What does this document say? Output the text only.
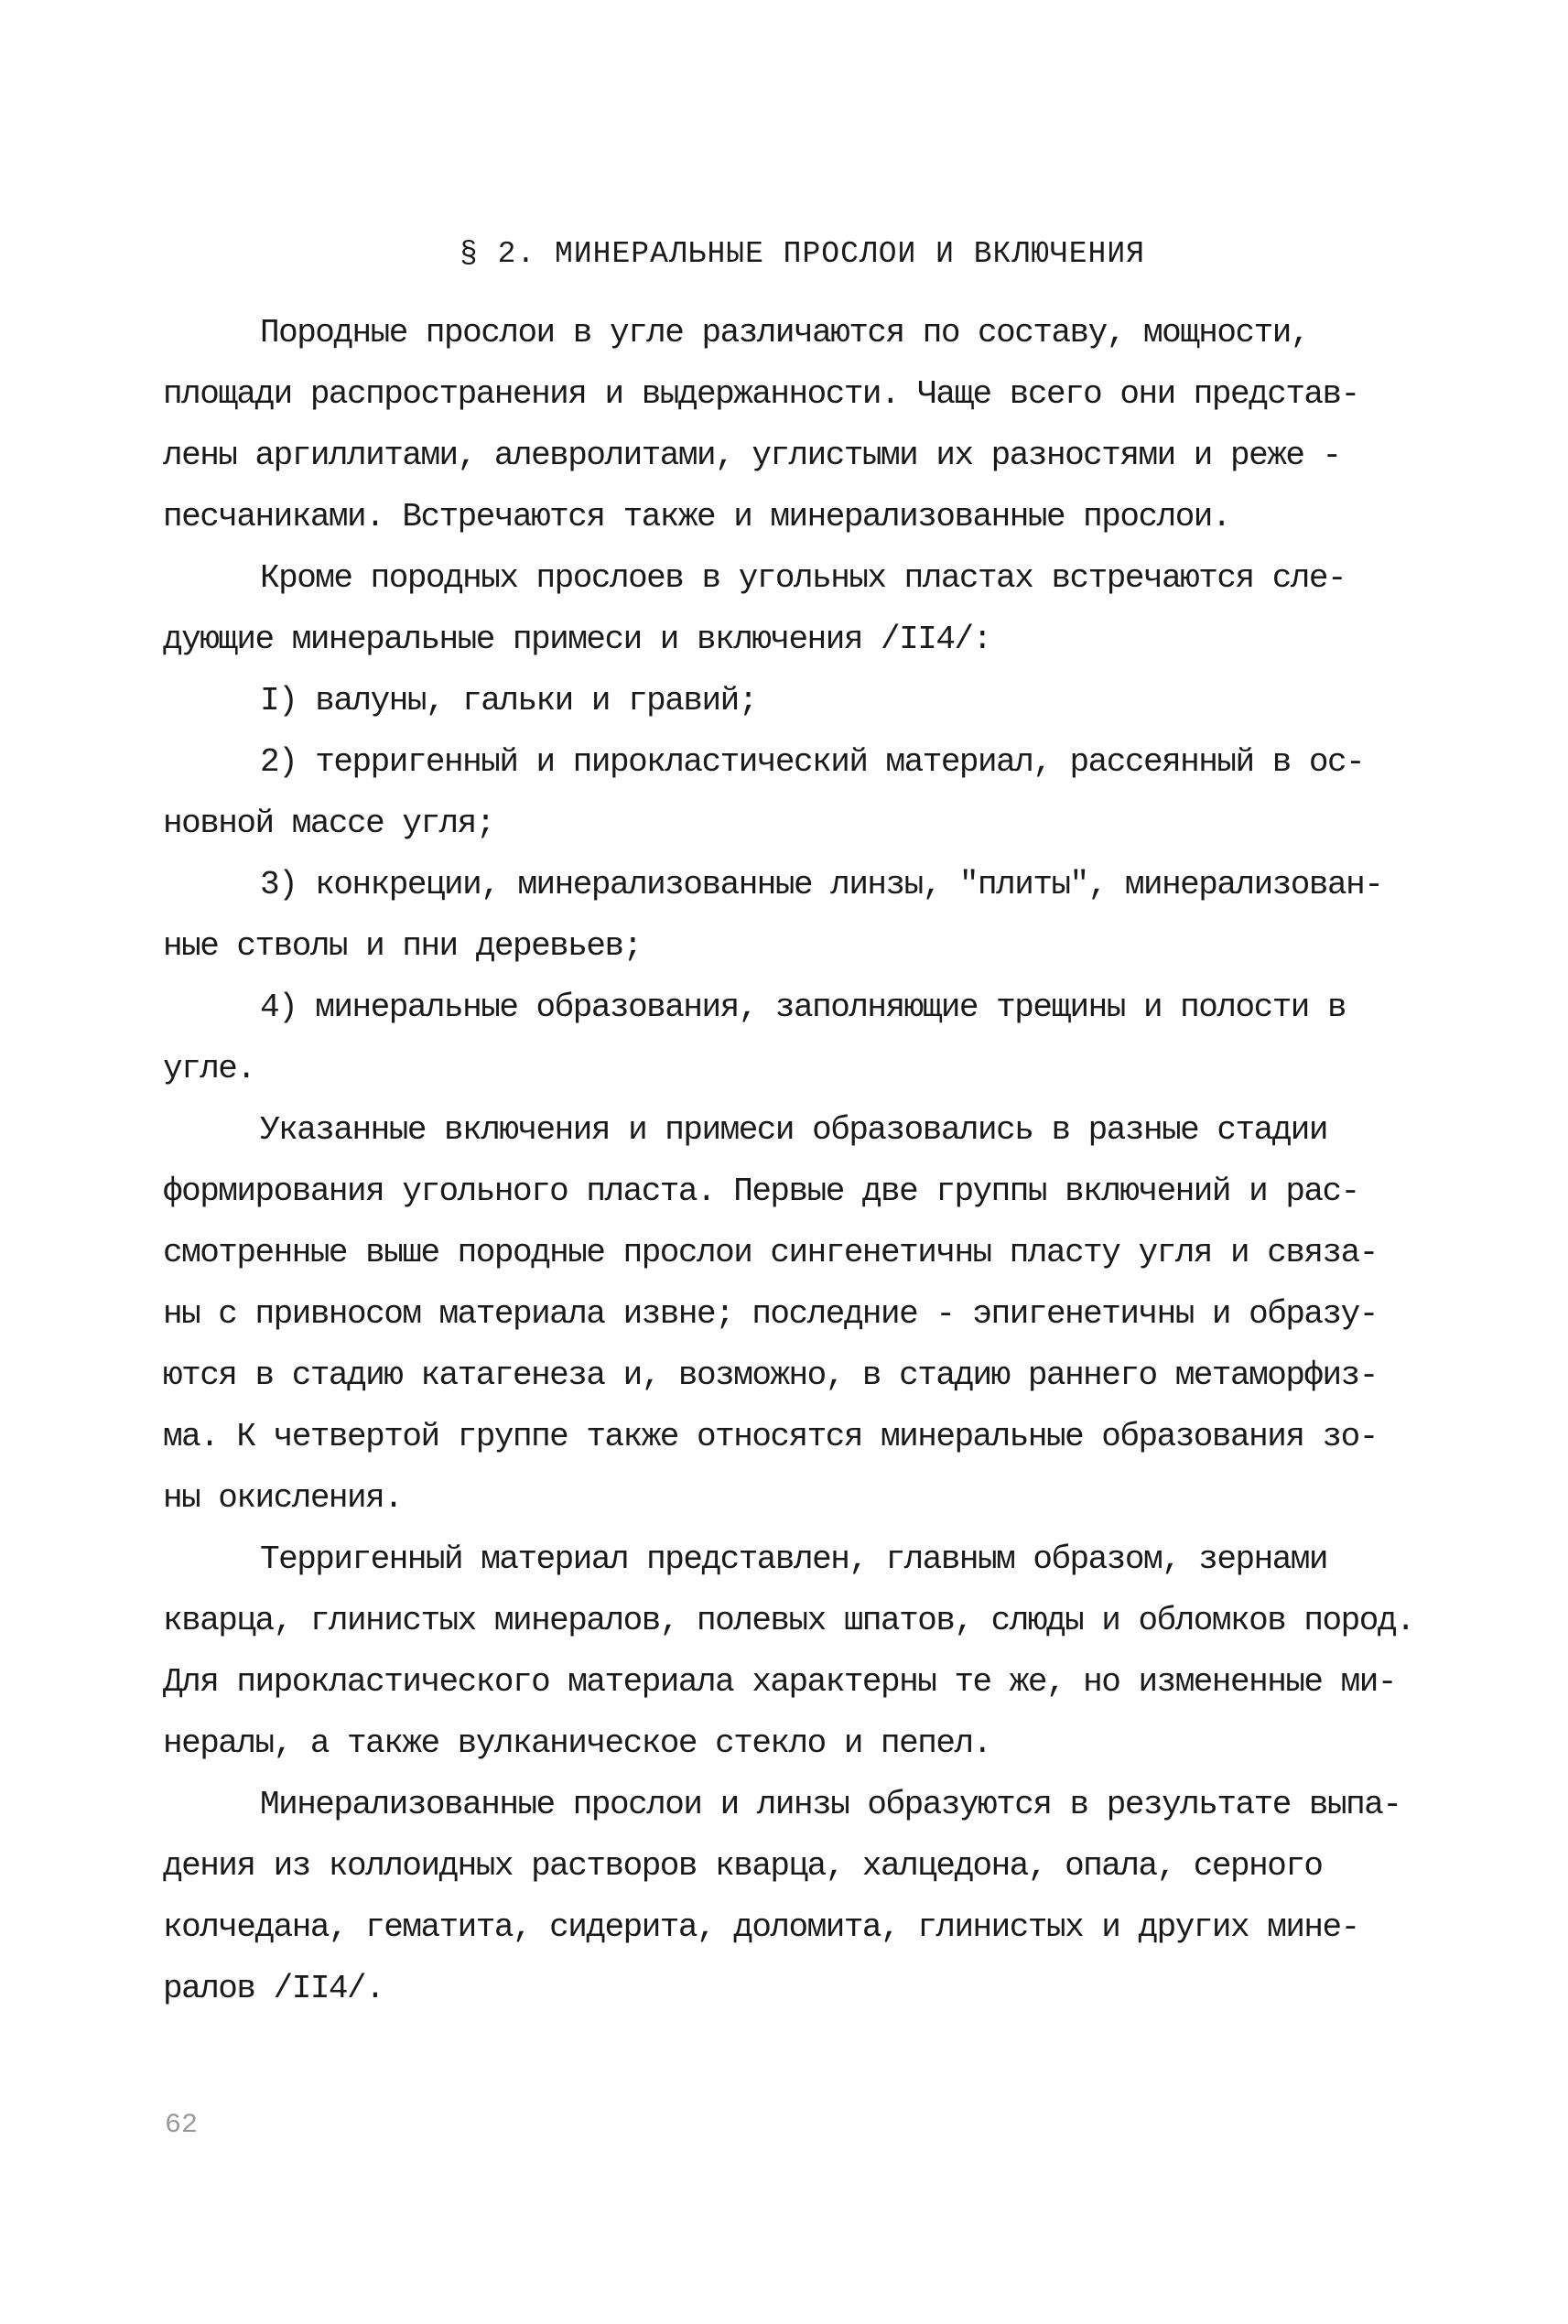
§ 2. МИНЕРАЛЬНЫЕ ПРОСЛОИ И ВКЛЮЧЕНИЯ
Породные прослои в угле различаются по составу, мощности,
площади распространения и выдержанности. Чаще всего они представ-
лены аргиллитами, алевролитами, углистыми их разностями и реже -
песчаниками. Встречаются также и минерализованные прослои.
Кроме породных прослоев в угольных пластах встречаются сле-
дующие минеральные примеси и включения /II4/:
I) валуны, гальки и гравий;
2) терригенный и пирокластический материал, рассеянный в ос-
новной массе угля;
3) конкреции, минерализованные линзы, "плиты", минерализован-
ные стволы и пни деревьев;
4) минеральные образования, заполняющие трещины и полости в
угле.
Указанные включения и примеси образовались в разные стадии
формирования угольного пласта. Первые две группы включений и рас-
смотренные выше породные прослои сингенетичны пласту угля и связа-
ны с привносом материала извне; последние - эпигенетичны и образу-
ются в стадию катагенеза и, возможно, в стадию раннего метаморфиз-
ма. К четвертой группе также относятся минеральные образования зо-
ны окисления.
Терригенный материал представлен, главным образом, зернами
кварца, глинистых минералов, полевых шпатов, слюды и обломков пород.
Для пирокластического материала характерны те же, но измененные ми-
нералы, а также вулканическое стекло и пепел.
Минерализованные прослои и линзы образуются в результате выпа-
дения из коллоидных растворов кварца, халцедона, опала, серного
колчедана, гематита, сидерита, доломита, глинистых и других мине-
ралов /II4/.
62
